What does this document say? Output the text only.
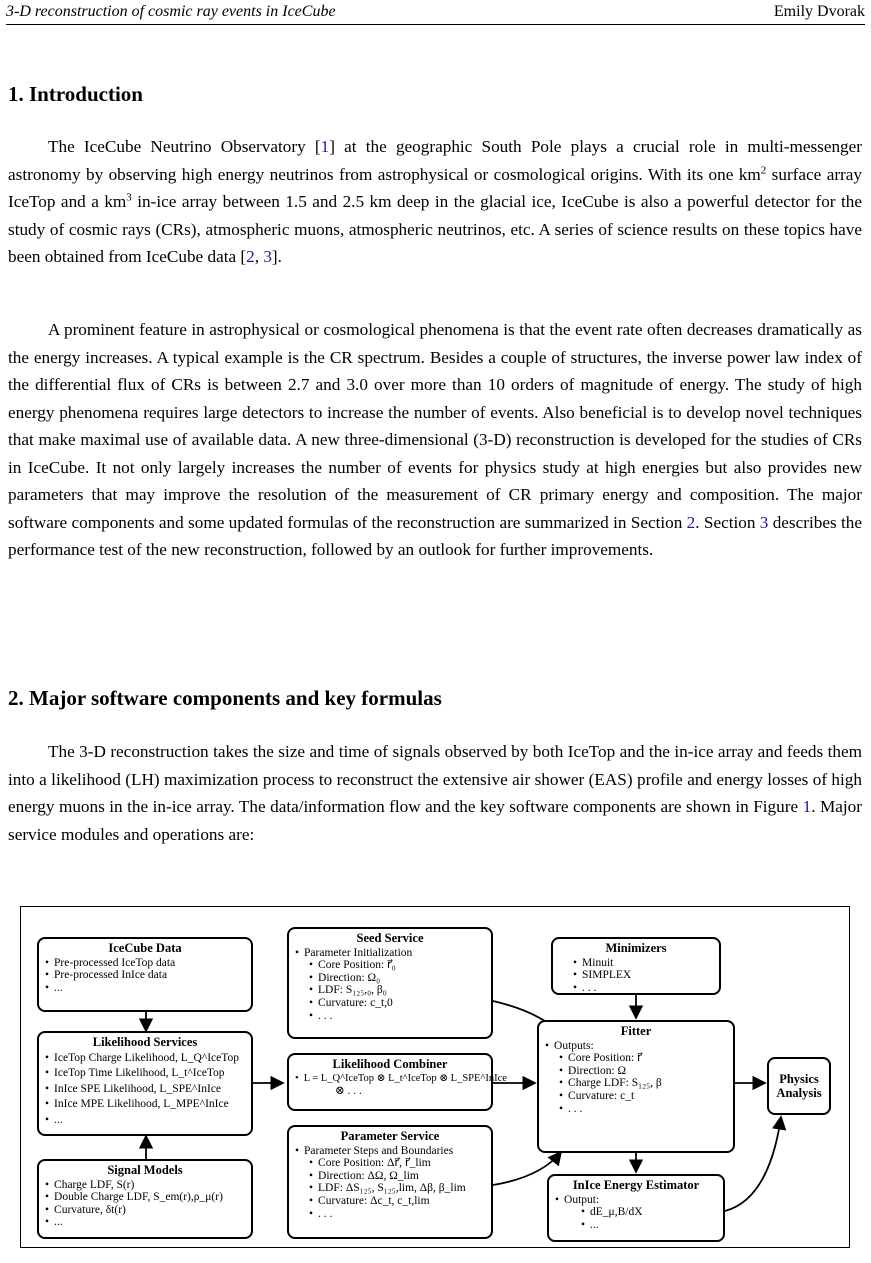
3-D reconstruction of cosmic ray events in IceCube	Emily Dvorak
1. Introduction

The IceCube Neutrino Observatory [1] at the geographic South Pole plays a crucial role in multi-messenger astronomy by observing high energy neutrinos from astrophysical or cosmological origins. With its one $km^2$ surface array IceTop and a $km^3$ in-ice array between 1.5 and 2.5 km deep in the glacial ice, IceCube is also a powerful detector for the study of cosmic rays (CRs), atmospheric muons, atmospheric neutrinos, etc. A series of science results on these topics have been obtained from IceCube data [2, 3].

A prominent feature in astrophysical or cosmological phenomena is that the event rate often decreases dramatically as the energy increases. A typical example is the CR spectrum. Besides a couple of structures, the inverse power law index of the differential flux of CRs is between 2.7 and 3.0 over more than 10 orders of magnitude of energy. The study of high energy phenomena requires large detectors to increase the number of events. Also beneficial is to develop novel techniques that make maximal use of available data. A new three-dimensional (3-D) reconstruction is developed for the studies of CRs in IceCube. It not only largely increases the number of events for physics study at high energies but also provides new parameters that may improve the resolution of the measurement of CR primary energy and composition. The major software components and some updated formulas of the reconstruction are summarized in Section 2. Section 3 describes the performance test of the new reconstruction, followed by an outlook for further improvements.

2. Major software components and key formulas

The 3-D reconstruction takes the size and time of signals observed by both IceTop and the in-ice array and feeds them into a likelihood (LH) maximization process to reconstruct the extensive air shower (EAS) profile and energy losses of high energy muons in the in-ice array. The data/information flow and the key software components are shown in Figure 1. Major service modules and operations are:

IceCube Data
• Pre-processed IceTop data
• Pre-processed InIce data
• ...
Likelihood Services
• IceTop Charge Likelihood, L_Q^IceTop
• IceTop Time Likelihood, L_t^IceTop
• InIce SPE Likelihood, L_SPE^InIce
• InIce MPE Likelihood, L_MPE^InIce
• ...
Signal Models
• Charge LDF, S(r)
• Double Charge LDF, S_em(r),ρ_μ(r)
• Curvature, δt(r)
• ...
Seed Service
• Parameter Initialization
• Core Position: r⃗₀
• Direction: Ω₀
• LDF: S₁₂₅,₀, β₀
• Curvature: c_t,0
• . . .
Likelihood Combiner
• L = L_Q^IceTop ⊗ L_t^IceTop ⊗ L_SPE^InIce
⊗ . . .
Parameter Service
• Parameter Steps and Boundaries
• Core Position: Δr⃗, r⃗_lim
• Direction: ΔΩ, Ω_lim
• LDF: ΔS₁₂₅, S₁₂₅,lim, Δβ, β_lim
• Curvature: Δc_t, c_t,lim
• . . .
Minimizers
• Minuit
• SIMPLEX
• . . .
Fitter
• Outputs:
• Core Position: r⃗
• Direction: Ω
• Charge LDF: S₁₂₅, β
• Curvature: c_t
• . . .
InIce Energy Estimator
• Output:
• dE_μ,B/dX
• ...
Physics Analysis
